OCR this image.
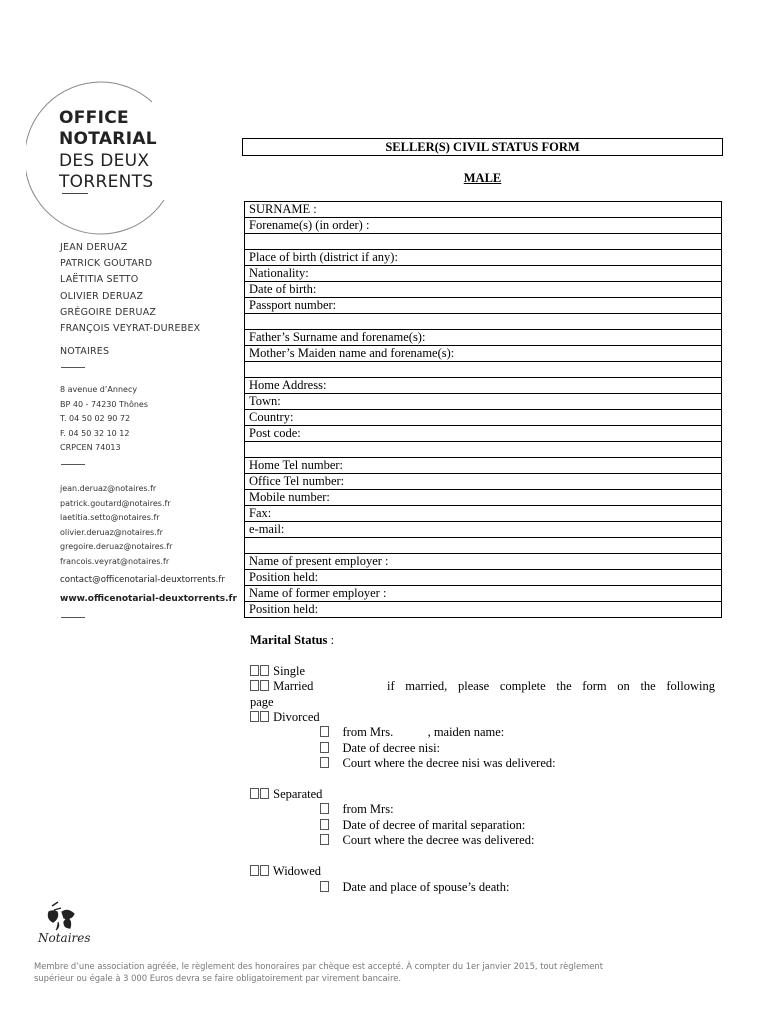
OFFICE
NOTARIAL
DES DEUX
TORRENTS
JEAN DERUAZ
PATRICK GOUTARD
LAËTITIA SETTO
OLIVIER DERUAZ
GRÉGOIRE DERUAZ
FRANÇOIS VEYRAT-DUREBEX
NOTAIRES
8 avenue d’Annecy
BP 40 - 74230 Thônes
T. 04 50 02 90 72
F. 04 50 32 10 12
CRPCEN 74013
jean.deruaz@notaires.fr
patrick.goutard@notaires.fr
laetitia.setto@notaires.fr
olivier.deruaz@notaires.fr
gregoire.deruaz@notaires.fr
francois.veyrat@notaires.fr
contact@officenotarial-deuxtorrents.fr
www.officenotarial-deuxtorrents.fr
SELLER(S) CIVIL STATUS FORM
MALE
SURNAME :
Forename(s) (in order) :

Place of birth (district if any):
Nationality:
Date of birth:
Passport number:

Father’s Surname and forename(s):
Mother’s Maiden name and forename(s):

Home Address:
Town:
Country:
Post code:

Home Tel number:
Office Tel number:
Mobile number:
Fax:
e-mail:

Name of present employer :
Position held:
Name of former employer :
Position held:
Marital Status :
Single
Married	if married, please complete the form on the following
page
Divorced
from Mrs.           , maiden name:
Date of decree nisi:
Court where the decree nisi was delivered:
Separated
from Mrs:
Date of decree of marital separation:
Court where the decree was delivered:
Widowed
Date and place of spouse’s death:
Notaires
Membre d’une association agréée, le règlement des honoraires par chèque est accepté. À compter du 1er janvier 2015, tout règlement
supérieur ou égale à 3 000 Euros devra se faire obligatoirement par virement bancaire.
